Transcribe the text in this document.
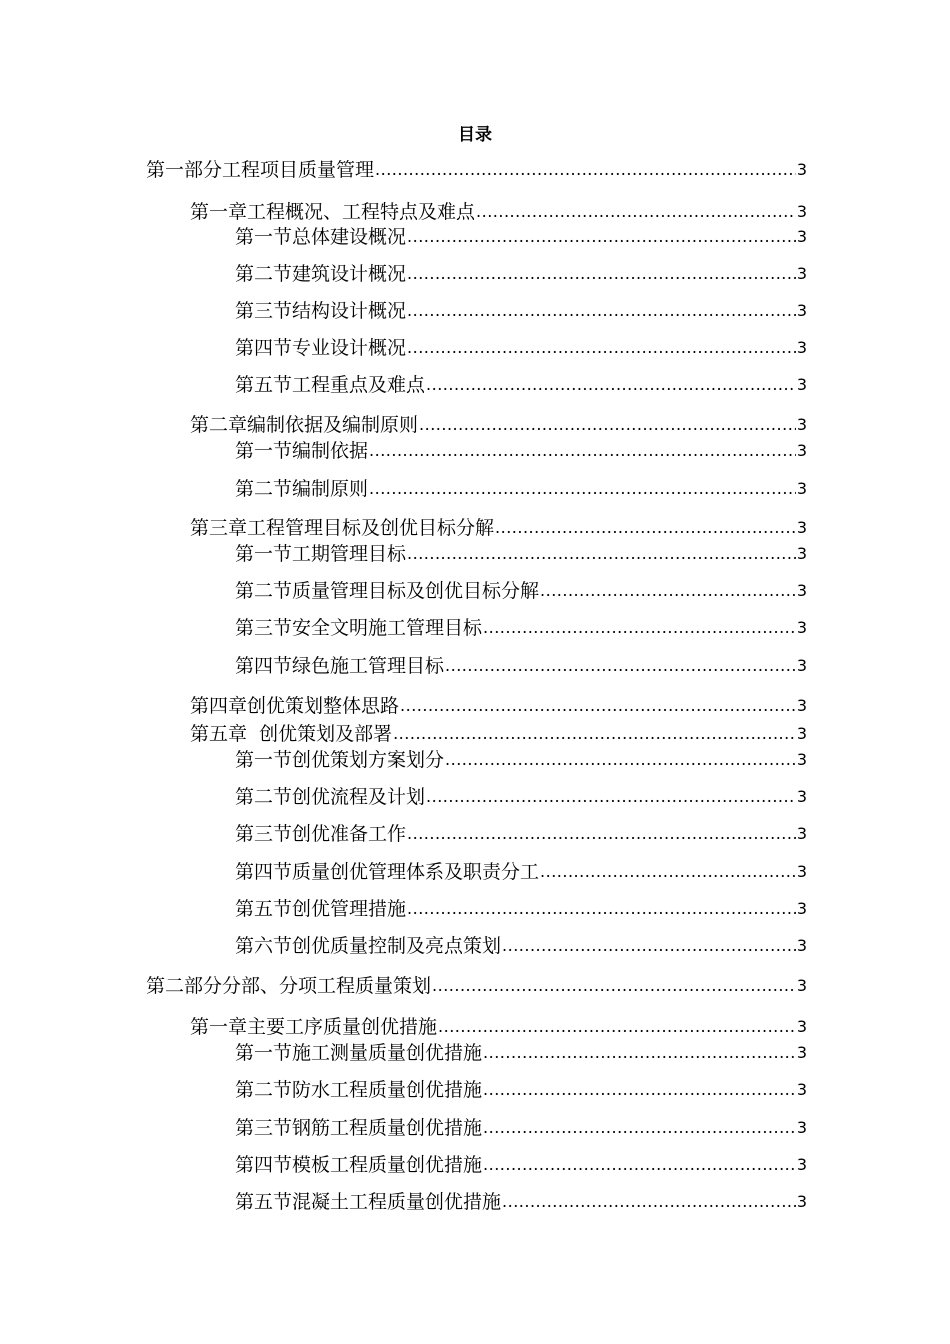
目录
第一部分工程项目质量管理 .....	3
第一章工程概况、工程特点及难点 .....	3
第一节总体建设概况 .....	3
第二节建筑设计概况 .....	3
第三节结构设计概况 .....	3
第四节专业设计概况 .....	3
第五节工程重点及难点 .....	3
第二章编制依据及编制原则 .....	3
第一节编制依据 .....	3
第二节编制原则 .....	3
第三章工程管理目标及创优目标分解 .....	3
第一节工期管理目标 .....	3
第二节质量管理目标及创优目标分解 .....	3
第三节安全文明施工管理目标 .....	3
第四节绿色施工管理目标 .....	3
第四章创优策划整体思路 .....	3
第五章  创优策划及部署 .....	3
第一节创优策划方案划分 .....	3
第二节创优流程及计划 .....	3
第三节创优准备工作 .....	3
第四节质量创优管理体系及职责分工 .....	3
第五节创优管理措施 .....	3
第六节创优质量控制及亮点策划 .....	3
第二部分分部、分项工程质量策划 .....	3
第一章主要工序质量创优措施 .....	3
第一节施工测量质量创优措施 .....	3
第二节防水工程质量创优措施 .....	3
第三节钢筋工程质量创优措施 .....	3
第四节模板工程质量创优措施 .....	3
第五节混凝土工程质量创优措施 .....	3
